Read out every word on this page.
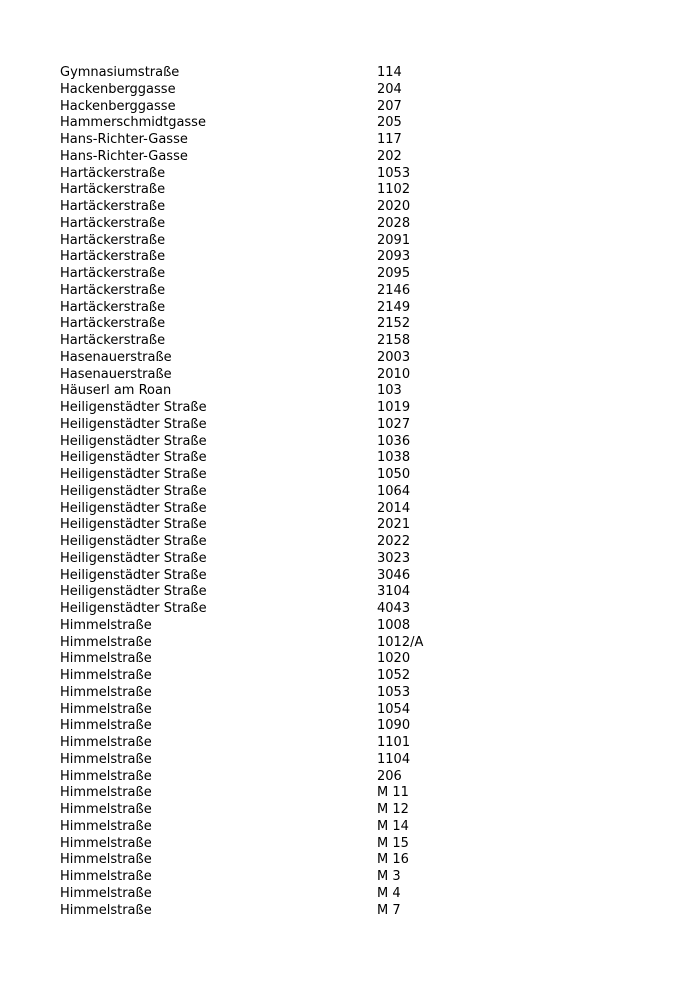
Gymnasiumstraße	114
Hackenberggasse	204
Hackenberggasse	207
Hammerschmidtgasse	205
Hans-Richter-Gasse	117
Hans-Richter-Gasse	202
Hartäckerstraße	1053
Hartäckerstraße	1102
Hartäckerstraße	2020
Hartäckerstraße	2028
Hartäckerstraße	2091
Hartäckerstraße	2093
Hartäckerstraße	2095
Hartäckerstraße	2146
Hartäckerstraße	2149
Hartäckerstraße	2152
Hartäckerstraße	2158
Hasenauerstraße	2003
Hasenauerstraße	2010
Häuserl am Roan	103
Heiligenstädter Straße	1019
Heiligenstädter Straße	1027
Heiligenstädter Straße	1036
Heiligenstädter Straße	1038
Heiligenstädter Straße	1050
Heiligenstädter Straße	1064
Heiligenstädter Straße	2014
Heiligenstädter Straße	2021
Heiligenstädter Straße	2022
Heiligenstädter Straße	3023
Heiligenstädter Straße	3046
Heiligenstädter Straße	3104
Heiligenstädter Straße	4043
Himmelstraße	1008
Himmelstraße	1012/A
Himmelstraße	1020
Himmelstraße	1052
Himmelstraße	1053
Himmelstraße	1054
Himmelstraße	1090
Himmelstraße	1101
Himmelstraße	1104
Himmelstraße	206
Himmelstraße	M 11
Himmelstraße	M 12
Himmelstraße	M 14
Himmelstraße	M 15
Himmelstraße	M 16
Himmelstraße	M 3
Himmelstraße	M 4
Himmelstraße	M 7
